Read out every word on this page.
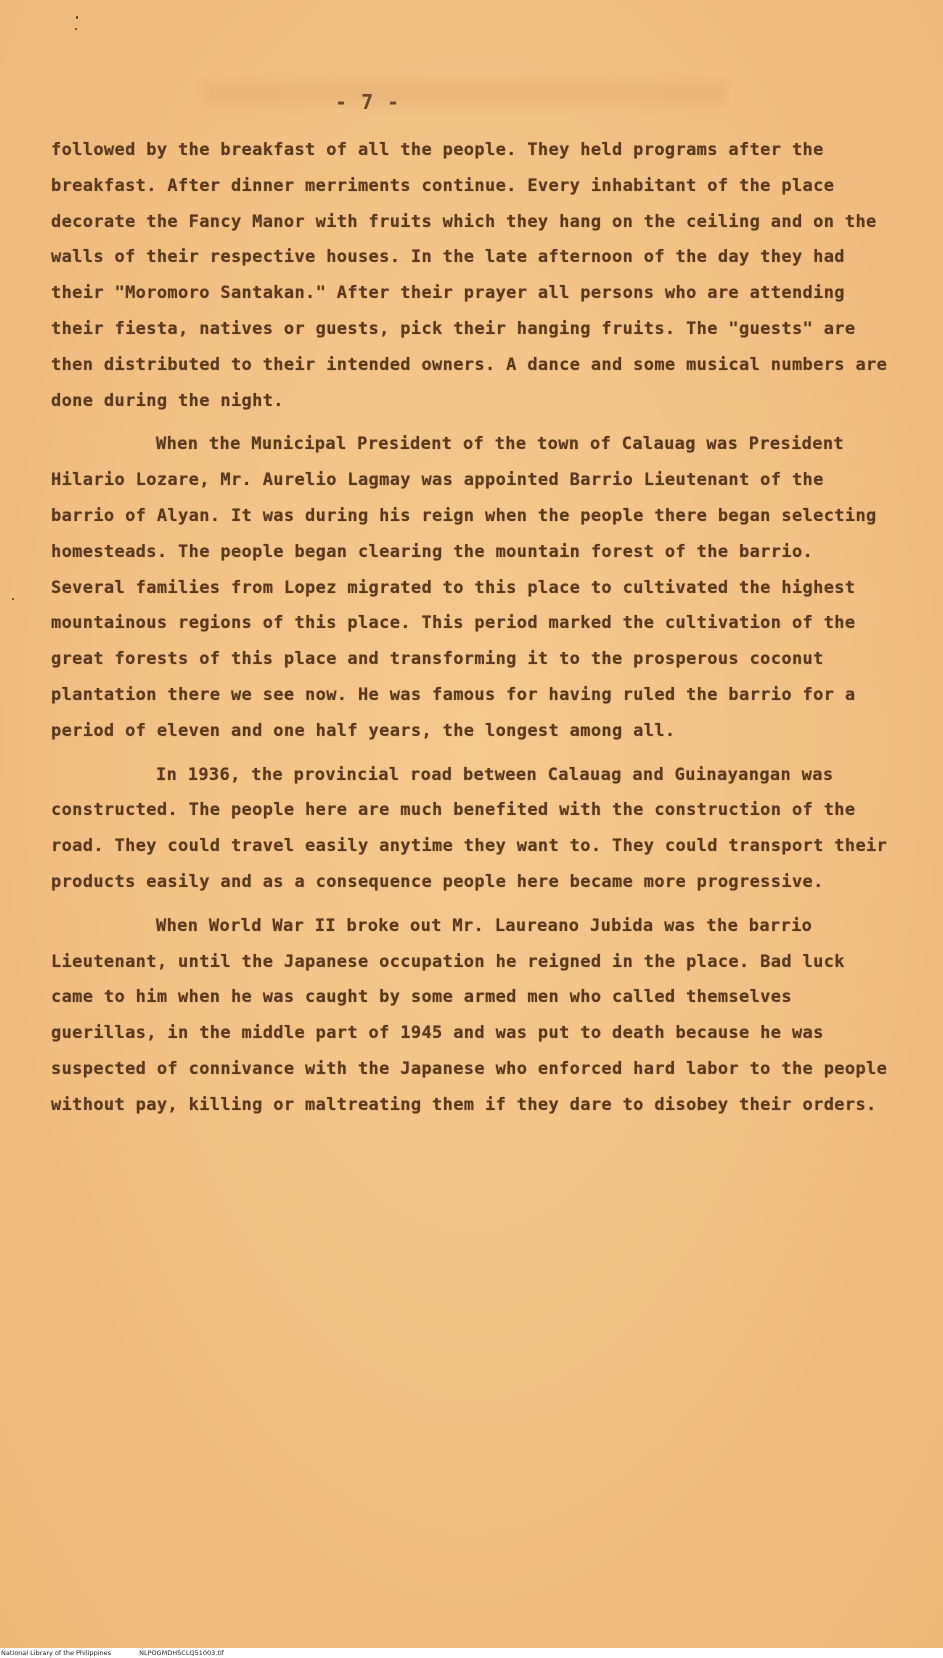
- 7 -

followed by the breakfast of all the people. They held programs after the breakfast. After dinner merriments continue. Every inhabitant of the place decorate the Fancy Manor with fruits which they hang on the ceiling and on the walls of their respective houses. In the late afternoon of the day they had their "Moromoro Santakan." After their prayer all persons who are attending their fiesta, natives or guests, pick their hanging fruits. The "guests" are then distributed to their intended owners. A dance and some musical numbers are done during the night.

When the Municipal President of the town of Calauag was President Hilario Lozare, Mr. Aurelio Lagmay was appointed Barrio Lieutenant of the barrio of Alyan. It was during his reign when the people there began selecting homesteads. The people began clearing the mountain forest of the barrio. Several families from Lopez migrated to this place to cultivated the highest mountainous regions of this place. This period marked the cultivation of the great forests of this place and transforming it to the prosperous coconut plantation there we see now. He was famous for having ruled the barrio for a period of eleven and one half years, the longest among all.

In 1936, the provincial road between Calauag and Guinayangan was constructed. The people here are much benefited with the construction of the road. They could travel easily anytime they want to. They could transport their products easily and as a consequence people here became more progressive.

When World War II broke out Mr. Laureano Jubida was the barrio Lieutenant, until the Japanese occupation he reigned in the place. Bad luck came to him when he was caught by some armed men who called themselves guerillas, in the middle part of 1945 and was put to death because he was suspected of connivance with the Japanese who enforced hard labor to the people without pay, killing or maltreating them if they dare to disobey their orders.

National Library of the Philippines	NLPOGMDHSCLQ51003.tif
